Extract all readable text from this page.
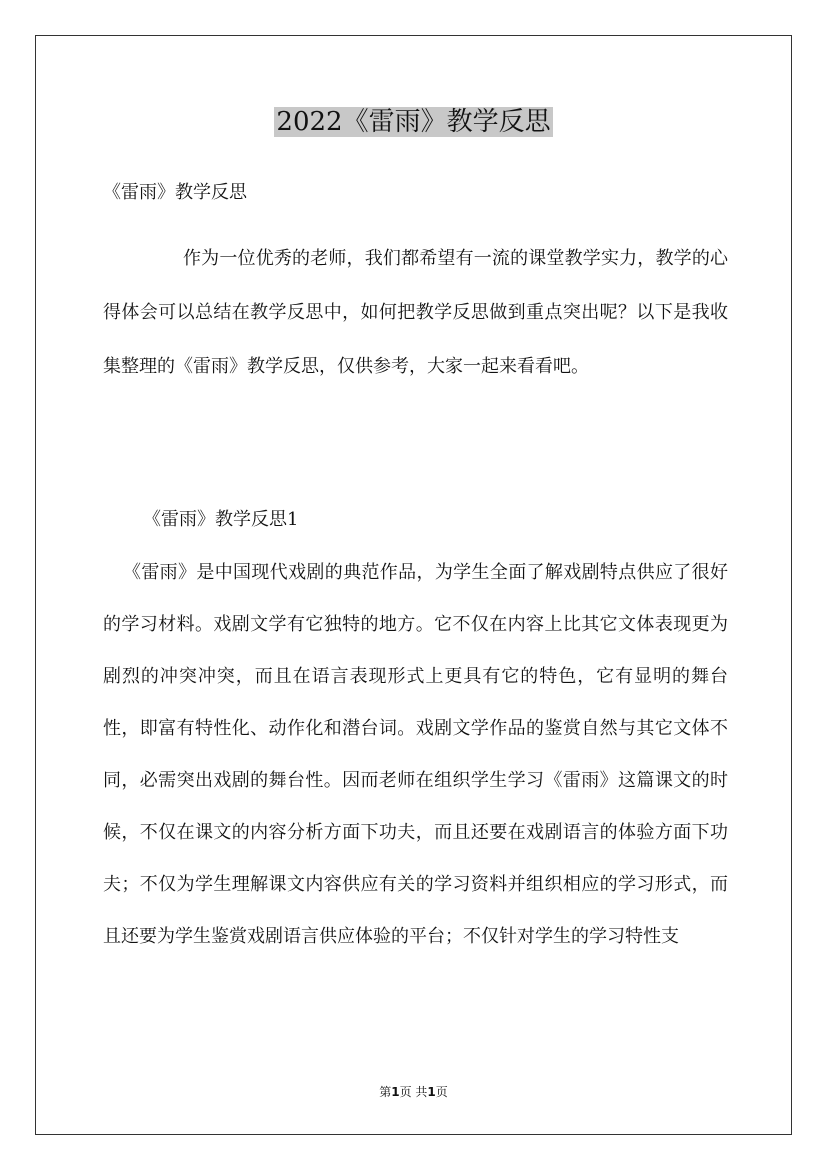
2022《雷雨》教学反思
《雷雨》教学反思

作为一位优秀的老师，我们都希望有一流的课堂教学实力，教学的心得体会可以总结在教学反思中，如何把教学反思做到重点突出呢？以下是我收集整理的《雷雨》教学反思，仅供参考，大家一起来看看吧。

《雷雨》教学反思1

《雷雨》是中国现代戏剧的典范作品，为学生全面了解戏剧特点供应了很好的学习材料。戏剧文学有它独特的地方。它不仅在内容上比其它文体表现更为剧烈的冲突冲突，而且在语言表现形式上更具有它的特色，它有显明的舞台性，即富有特性化、动作化和潜台词。戏剧文学作品的鉴赏自然与其它文体不同，必需突出戏剧的舞台性。因而老师在组织学生学习《雷雨》这篇课文的时候，不仅在课文的内容分析方面下功夫，而且还要在戏剧语言的体验方面下功夫；不仅为学生理解课文内容供应有关的学习资料并组织相应的学习形式，而且还要为学生鉴赏戏剧语言供应体验的平台；不仅针对学生的学习特性支

第1页 共1页
